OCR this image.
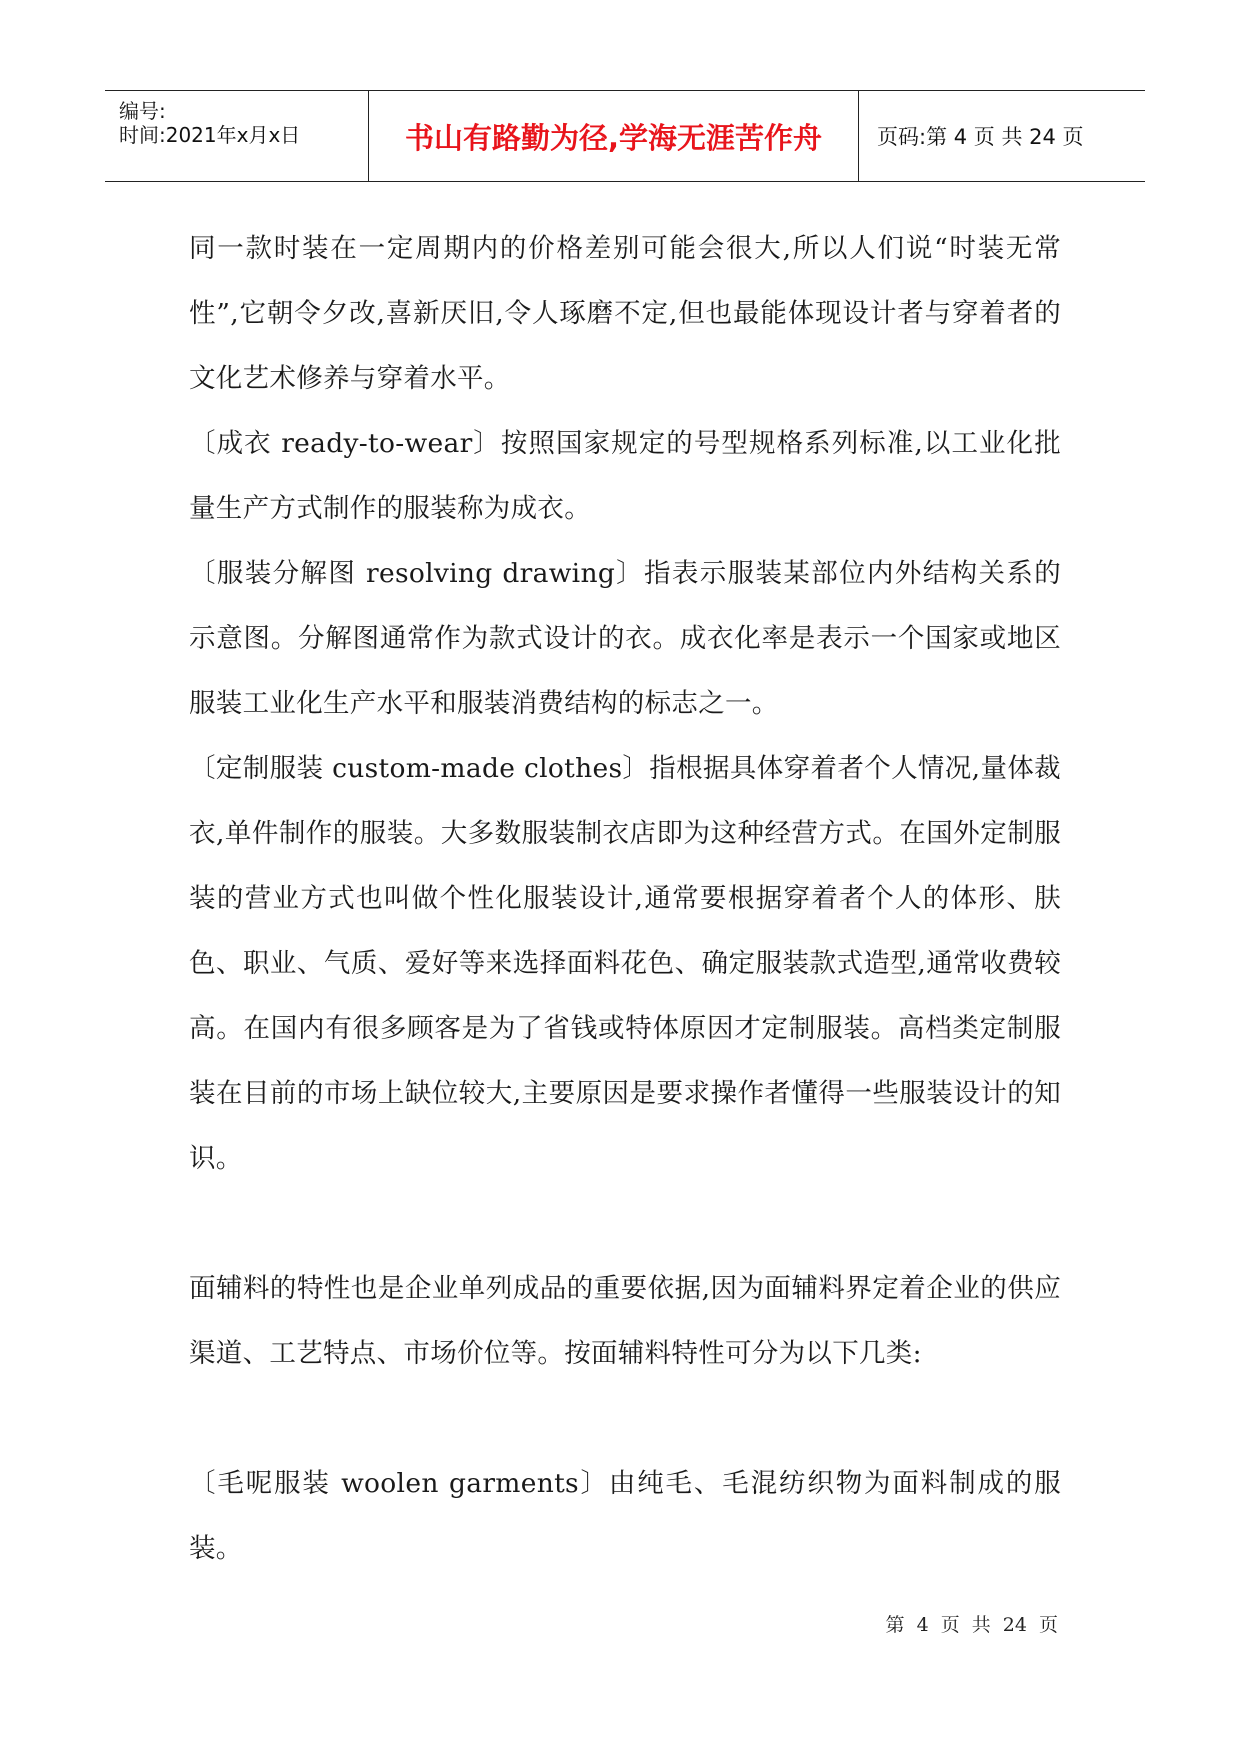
编号:
时间:2021年x月x日	书山有路勤为径,学海无涯苦作舟	页码:第 4 页 共 24 页

同一款时装在一定周期内的价格差别可能会很大,所以人们说“时装无常性”,它朝令夕改,喜新厌旧,令人琢磨不定,但也最能体现设计者与穿着者的文化艺术修养与穿着水平。

〔成衣 ready-to-wear〕按照国家规定的号型规格系列标准,以工业化批量生产方式制作的服装称为成衣。

〔服装分解图 resolving drawing〕指表示服装某部位内外结构关系的示意图。分解图通常作为款式设计的衣。成衣化率是表示一个国家或地区服装工业化生产水平和服装消费结构的标志之一。

〔定制服装 custom-made clothes〕指根据具体穿着者个人情况,量体裁衣,单件制作的服装。大多数服装制衣店即为这种经营方式。在国外定制服装的营业方式也叫做个性化服装设计,通常要根据穿着者个人的体形、肤色、职业、气质、爱好等来选择面料花色、确定服装款式造型,通常收费较高。在国内有很多顾客是为了省钱或特体原因才定制服装。高档类定制服装在目前的市场上缺位较大,主要原因是要求操作者懂得一些服装设计的知识。

面辅料的特性也是企业单列成品的重要依据,因为面辅料界定着企业的供应渠道、工艺特点、市场价位等。按面辅料特性可分为以下几类:

〔毛呢服装 woolen garments〕由纯毛、毛混纺织物为面料制成的服装。

第 4 页 共 24 页
